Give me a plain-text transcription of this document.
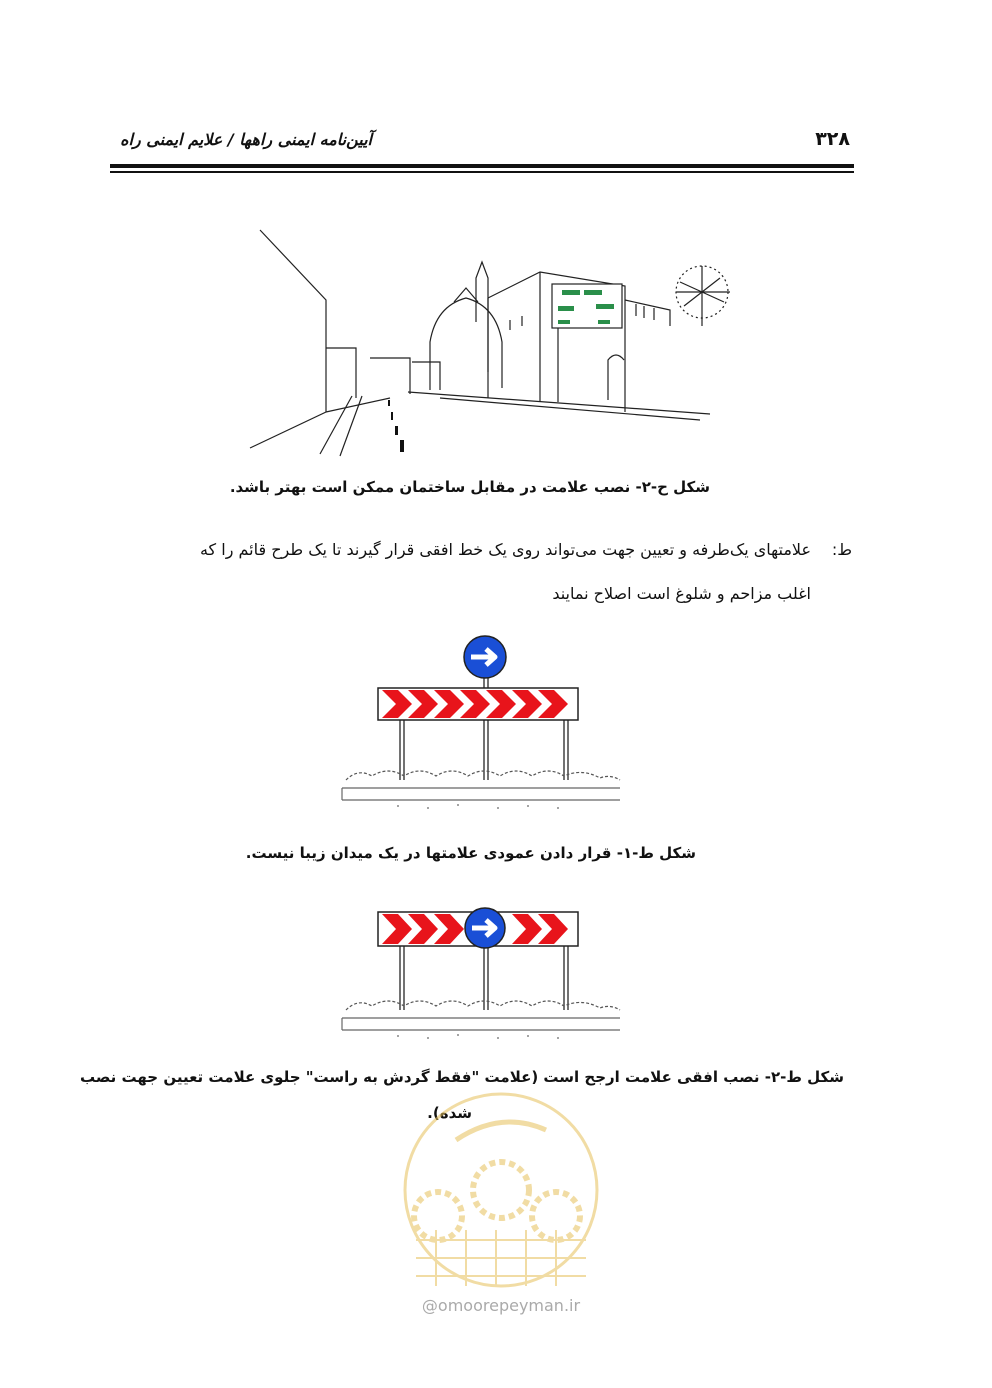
آیین‌نامه ایمنی راهها / علایم ایمنی راه	۳۲۸
شکل ح-۲- نصب علامت در مقابل ساختمان ممکن است بهتر باشد.
ط:
علامتهای یک‌طرفه و تعیین جهت می‌تواند روی یک خط افقی قرار گیرند تا یک طرح قائم را که
اغلب مزاحم و شلوغ است اصلاح نمایند
شکل ط-۱- قرار دادن عمودی علامتها در یک میدان زیبا نیست.
شکل ط-۲- نصب افقی علامت ارجح است (علامت "فقط گردش به راست" جلوی علامت تعیین جهت نصب
شده).
@omoorepeyman.ir
